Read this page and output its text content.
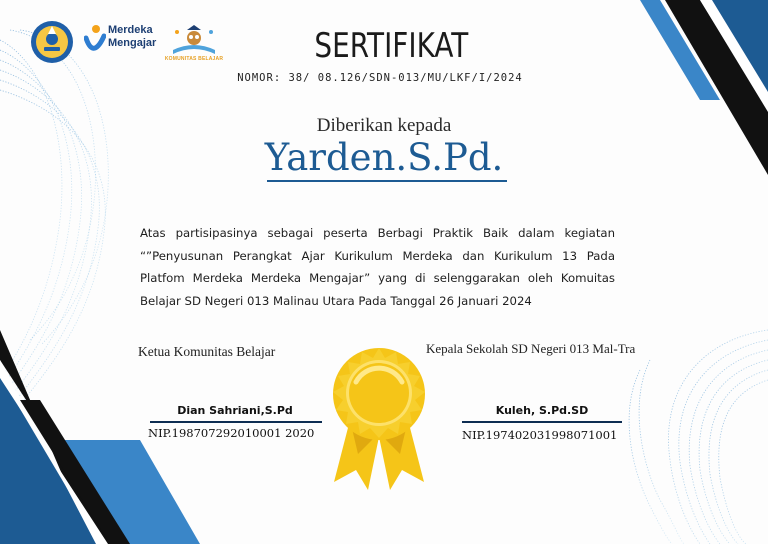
Merdeka
Mengajar
KOMUNITAS BELAJAR	SERTIFIKAT
NOMOR: 38/ 08.126/SDN-013/MU/LKF/I/2024
Diberikan kepada
Yarden.S.Pd.
Atas partisipasinya sebagai peserta Berbagi Praktik Baik dalam kegiatan “”Penyusunan Perangkat Ajar Kurikulum Merdeka dan Kurikulum 13 Pada Platfom Merdeka Merdeka Mengajar” yang di selenggarakan oleh Komuitas Belajar SD Negeri 013 Malinau Utara Pada Tanggal 26 Januari 2024
Ketua Komunitas Belajar	Kepala Sekolah SD Negeri 013 Mal-Tra
Dian Sahriani,S.Pd
NIP.198707292010001 2020
Kuleh, S.Pd.SD
NIP.197402031998071001
